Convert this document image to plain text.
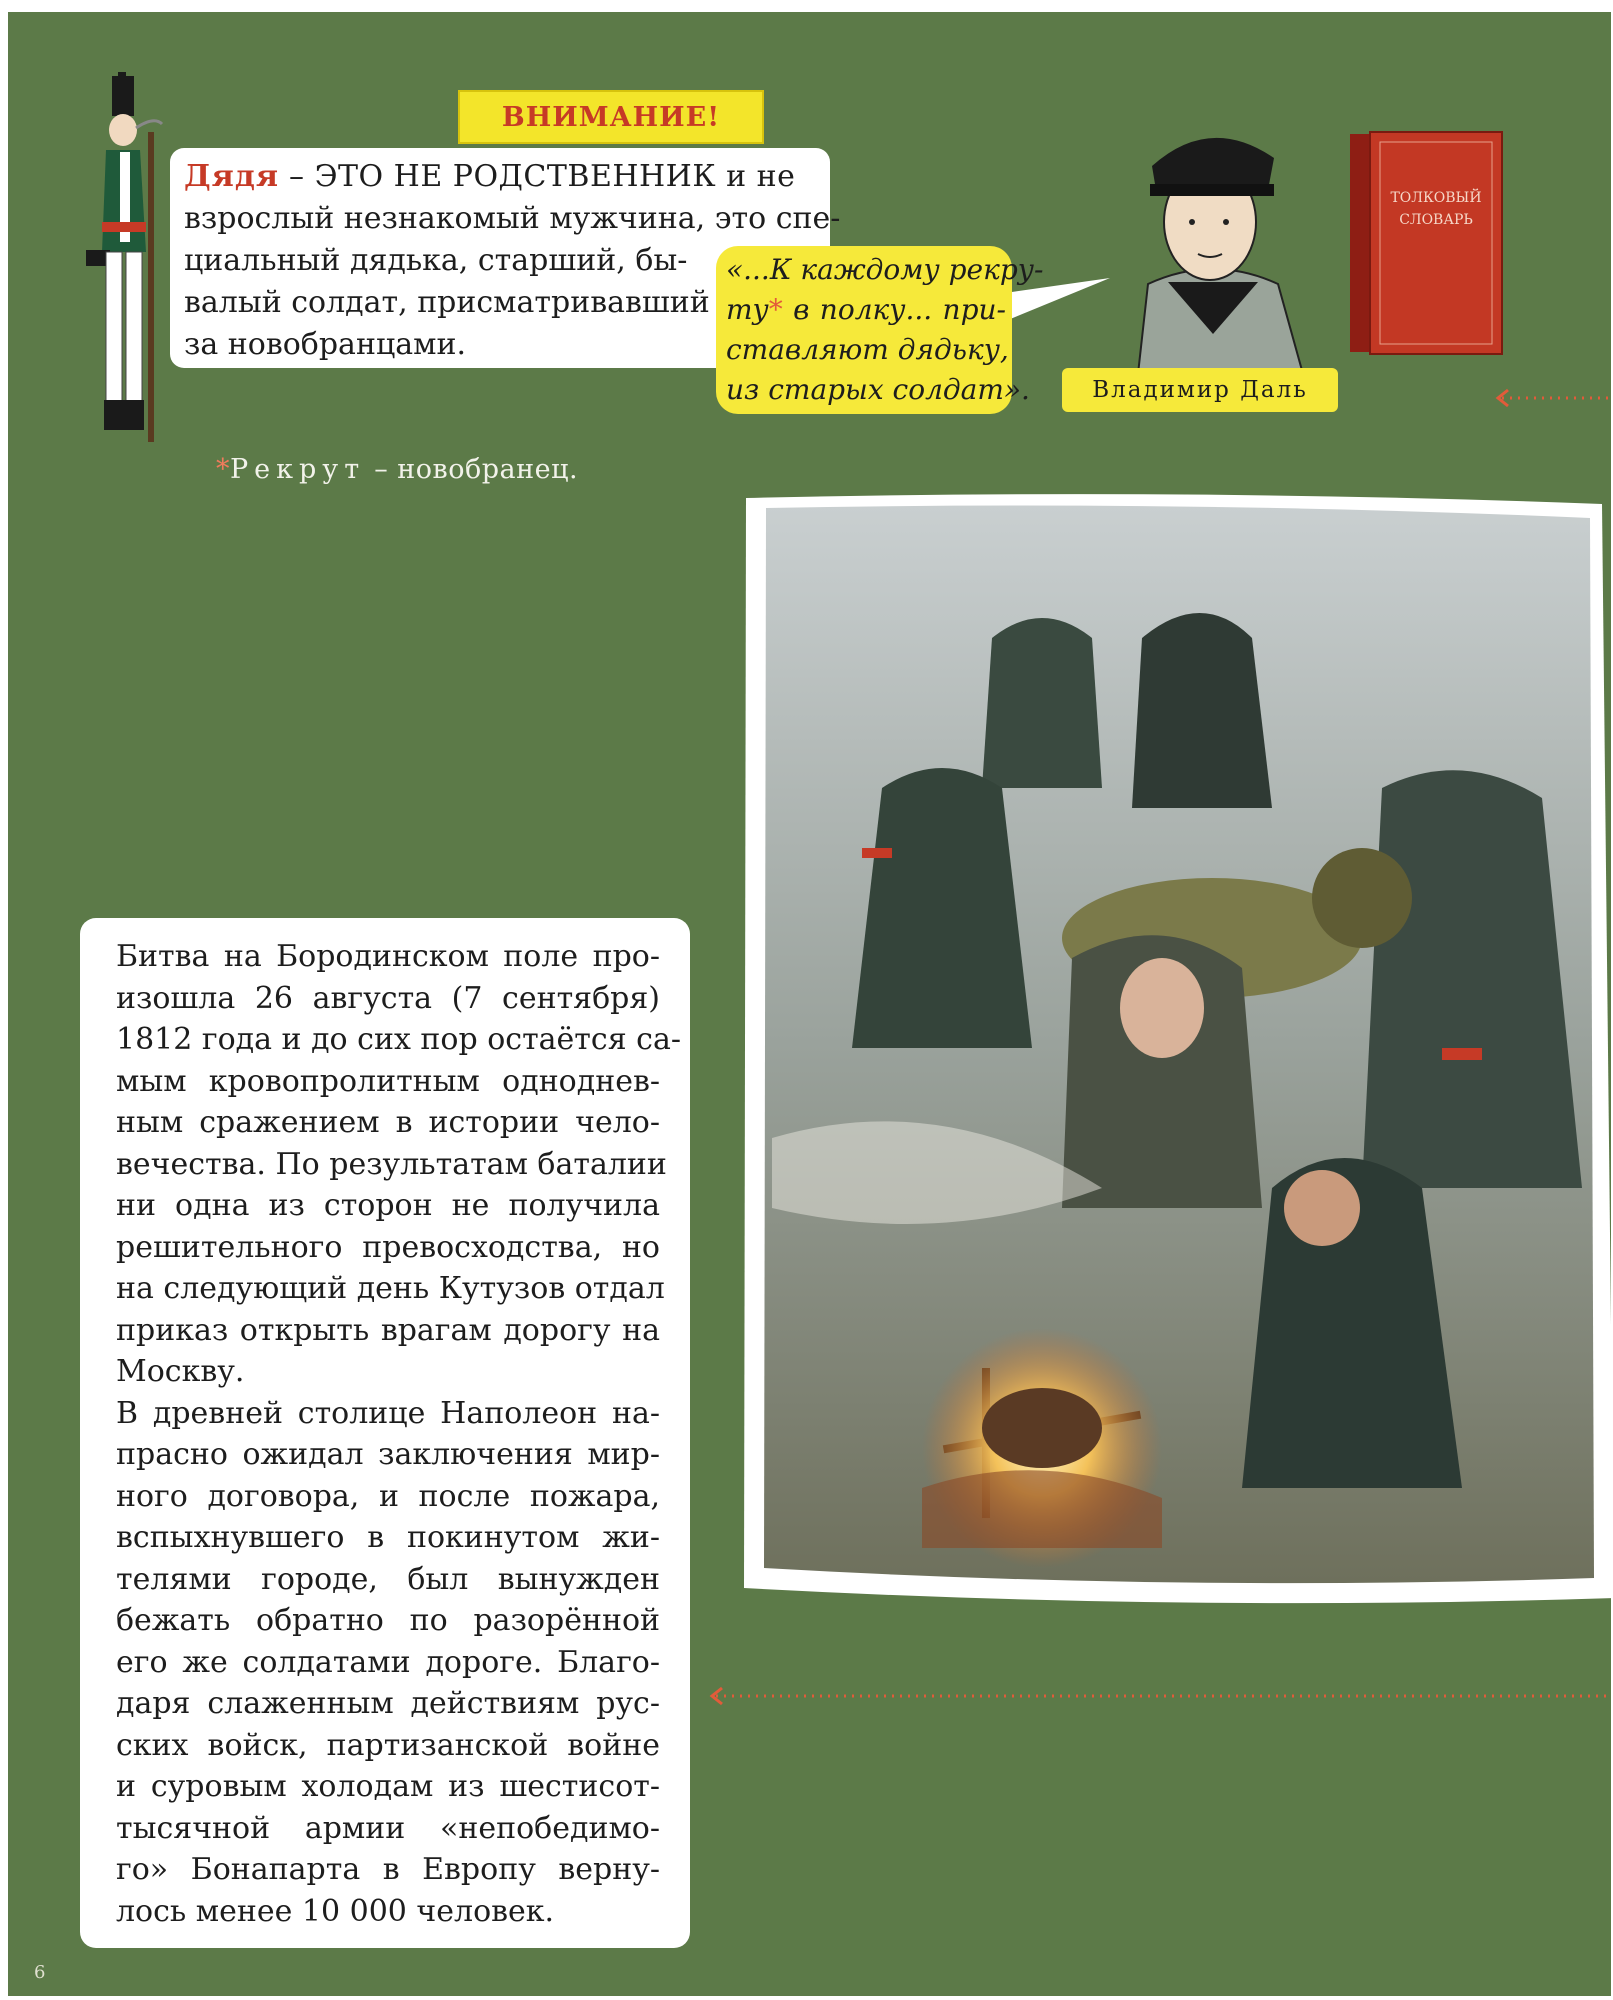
ВНИМАНИЕ!
Дядя – ЭТО НЕ РОДСТВЕННИК и не
взрослый незнакомый мужчина, это спе-
циальный дядька, старший, бы-
валый солдат, присматривавший
за новобранцами.
«...К каждому рекру-
ту* в полку... при-
ставляют дядьку,
из старых солдат».	Владимир Даль
ТОЛКОВЫЙ
СЛОВАРЬ
*Рекрут – новобранец.
Битва на Бородинском поле про-
изошла 26 августа (7 сентября)
1812 года и до сих пор остаётся са-
мым кровопролитным одноднев-
ным сражением в истории чело-
вечества. По результатам баталии
ни одна из сторон не получила
решительного превосходства, но
на следующий день Кутузов отдал
приказ открыть врагам дорогу на
Москву.
В древней столице Наполеон на-
прасно ожидал заключения мир-
ного договора, и после пожара,
вспыхнувшего в покинутом жи-
телями городе, был вынужден
бежать обратно по разорённой
его же солдатами дороге. Благо-
даря слаженным действиям рус-
ских войск, партизанской войне
и суровым холодам из шестисот-
тысячной армии «непобедимо-
го» Бонапарта в Европу верну-
лось менее 10 000 человек.
6
